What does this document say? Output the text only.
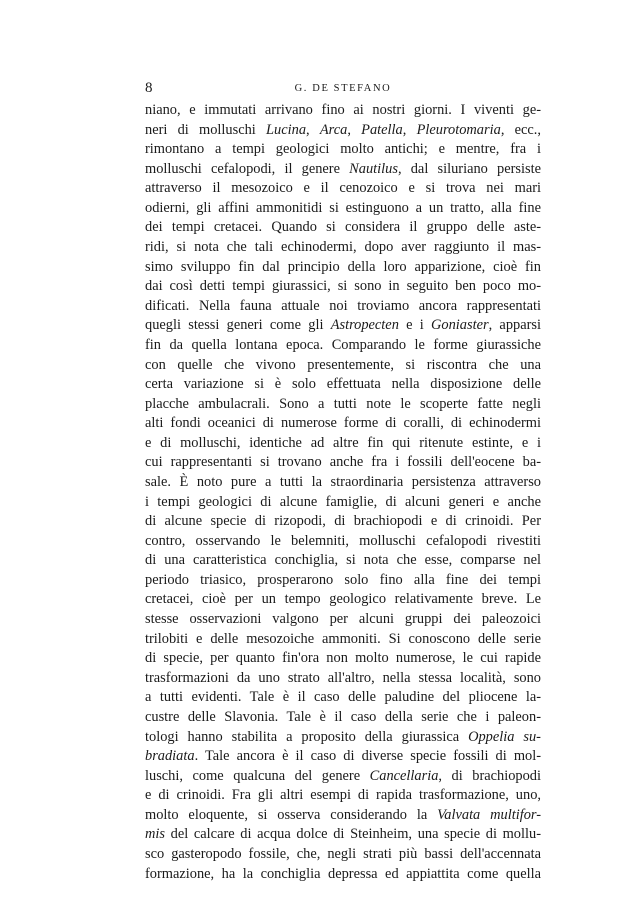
8	G. DE STEFANO
niano, e immutati arrivano fino ai nostri giorni. I viventi ge-
neri di molluschi Lucina, Arca, Patella, Pleurotomaria, ecc.,
rimontano a tempi geologici molto antichi; e mentre, fra i
molluschi cefalopodi, il genere Nautilus, dal siluriano persiste
attraverso il mesozoico e il cenozoico e si trova nei mari
odierni, gli affini ammonitidi si estinguono a un tratto, alla fine
dei tempi cretacei. Quando si considera il gruppo delle aste-
ridi, si nota che tali echinodermi, dopo aver raggiunto il mas-
simo sviluppo fin dal principio della loro apparizione, cioè fin
dai così detti tempi giurassici, si sono in seguito ben poco mo-
dificati. Nella fauna attuale noi troviamo ancora rappresentati
quegli stessi generi come gli Astropecten e i Goniaster, apparsi
fin da quella lontana epoca. Comparando le forme giurassiche
con quelle che vivono presentemente, si riscontra che una
certa variazione si è solo effettuata nella disposizione delle
placche ambulacrali. Sono a tutti note le scoperte fatte negli
alti fondi oceanici di numerose forme di coralli, di echinodermi
e di molluschi, identiche ad altre fin qui ritenute estinte, e i
cui rappresentanti si trovano anche fra i fossili dell'eocene ba-
sale. È noto pure a tutti la straordinaria persistenza attraverso
i tempi geologici di alcune famiglie, di alcuni generi e anche
di alcune specie di rizopodi, di brachiopodi e di crinoidi. Per
contro, osservando le belemniti, molluschi cefalopodi rivestiti
di una caratteristica conchiglia, si nota che esse, comparse nel
periodo triasico, prosperarono solo fino alla fine dei tempi
cretacei, cioè per un tempo geologico relativamente breve. Le
stesse osservazioni valgono per alcuni gruppi dei paleozoici
trilobiti e delle mesozoiche ammoniti. Si conoscono delle serie
di specie, per quanto fin'ora non molto numerose, le cui rapide
trasformazioni da uno strato all'altro, nella stessa località, sono
a tutti evidenti. Tale è il caso delle paludine del pliocene la-
custre delle Slavonia. Tale è il caso della serie che i paleon-
tologi hanno stabilita a proposito della giurassica Oppelia su-
bradiata. Tale ancora è il caso di diverse specie fossili di mol-
luschi, come qualcuna del genere Cancellaria, di brachiopodi
e di crinoidi. Fra gli altri esempi di rapida trasformazione, uno,
molto eloquente, si osserva considerando la Valvata multifor-
mis del calcare di acqua dolce di Steinheim, una specie di mollu-
sco gasteropodo fossile, che, negli strati più bassi dell'accennata
formazione, ha la conchiglia depressa ed appiattita come quella
